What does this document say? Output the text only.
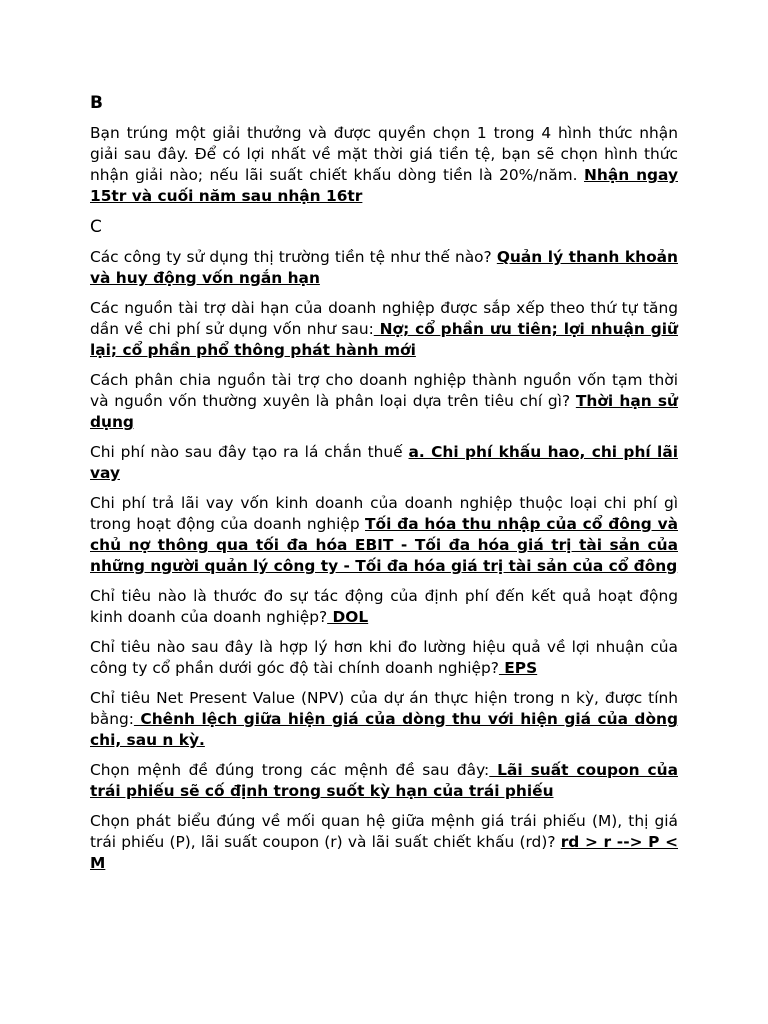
B

Bạn trúng một giải thưởng và được quyền chọn 1 trong 4 hình thức nhận giải sau đây. Để có lợi nhất về mặt thời giá tiền tệ, bạn sẽ chọn hình thức nhận giải nào; nếu lãi suất chiết khấu dòng tiền là 20%/năm. Nhận ngay 15tr và cuối năm sau nhận 16tr

C

Các công ty sử dụng thị trường tiền tệ như thế nào? Quản lý thanh khoản và huy động vốn ngắn hạn

Các nguồn tài trợ dài hạn của doanh nghiệp được sắp xếp theo thứ tự tăng dần về chi phí sử dụng vốn như sau: Nợ; cổ phần ưu tiên; lợi nhuận giữ lại; cổ phần phổ thông phát hành mới

Cách phân chia nguồn tài trợ cho doanh nghiệp thành nguồn vốn tạm thời và nguồn vốn thường xuyên là phân loại dựa trên tiêu chí gì? Thời hạn sử dụng

Chi phí nào sau đây tạo ra lá chắn thuế a. Chi phí khấu hao, chi phí lãi vay

Chi phí trả lãi vay vốn kinh doanh của doanh nghiệp thuộc loại chi phí gì trong hoạt động của doanh nghiệp Tối đa hóa thu nhập của cổ đông và chủ nợ thông qua tối đa hóa EBIT - Tối đa hóa giá trị tài sản của những người quản lý công ty - Tối đa hóa giá trị tài sản của cổ đông

Chỉ tiêu nào là thước đo sự tác động của định phí đến kết quả hoạt động kinh doanh của doanh nghiệp? DOL

Chỉ tiêu nào sau đây là hợp lý hơn khi đo lường hiệu quả về lợi nhuận của công ty cổ phần dưới góc độ tài chính doanh nghiệp? EPS

Chỉ tiêu Net Present Value (NPV) của dự án thực hiện trong n kỳ, được tính bằng: Chênh lệch giữa hiện giá của dòng thu với hiện giá của dòng chi, sau n kỳ.

Chọn mệnh đề đúng trong các mệnh đề sau đây: Lãi suất coupon của trái phiếu sẽ cố định trong suốt kỳ hạn của trái phiếu

Chọn phát biểu đúng về mối quan hệ giữa mệnh giá trái phiếu (M), thị giá trái phiếu (P), lãi suất coupon (r) và lãi suất chiết khấu (rd)? rd > r --> P < M
